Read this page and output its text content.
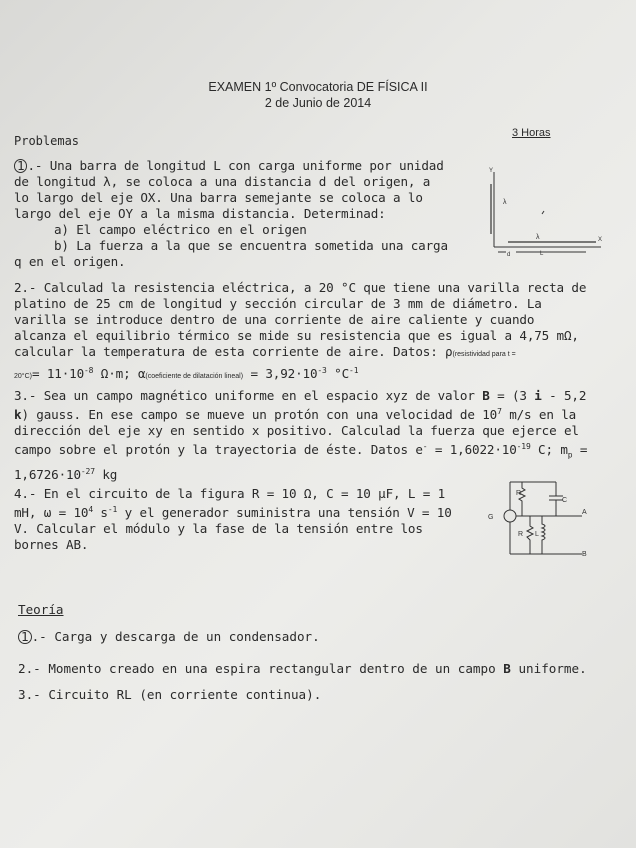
EXAMEN 1º Convocatoria DE FÍSICA II
2 de Junio de 2014
Problemas
3 Horas
1 .- Una barra de longitud L con carga uniforme por unidad
de longitud λ, se coloca a una distancia d del origen, a
lo largo del eje OX. Una barra semejante se coloca a lo
largo del eje OY a la misma distancia. Determinad:
a) El campo eléctrico en el origen
b) La fuerza a la que se encuentra sometida una carga
q en el origen.
Y
X
λ
λ
d	L
2.- Calculad la resistencia eléctrica, a 20 °C que tiene una varilla recta de
platino de 25 cm de longitud y sección circular de 3 mm de diámetro. La
varilla se introduce dentro de una corriente de aire caliente y cuando
alcanza el equilibrio térmico se mide su resistencia que es igual a 4,75 mΩ,
calcular la temperatura de esta corriente de aire. Datos: ρ(resistividad para t =
$20^\circ C)= 11\cdot 10^{-8}$ Ω·m; α(coeficiente de dilatación lineal) = $3,92\cdot 10^{-3}$ $^\circ C^{-1}$
3.- Sea un campo magnético uniforme en el espacio xyz de valor B = (3 i - 5,2
k) gauss. En ese campo se mueve un protón con una velocidad de $10^7$ m/s en la
dirección del eje xy en sentido x positivo. Calculad la fuerza que ejerce el
campo sobre el protón y la trayectoria de éste. Datos $e^- = 1,6022\cdot 10^{-19}$ C; $m_p$ =
$1,6726\cdot 10^{-27}$ kg
4.- En el circuito de la figura R = 10 Ω, C = 10 μF, L = 1
mH, $\omega = 10^4$ $s^{-1}$ y el generador suministra una tensión V = 10
V. Calcular el módulo y la fase de la tensión entre los
bornes AB.
R
C
A
G
R L
B
Teoría
1 .- Carga y descarga de un condensador.
2.- Momento creado en una espira rectangular dentro de un campo B uniforme.
3.- Circuito RL (en corriente continua).
